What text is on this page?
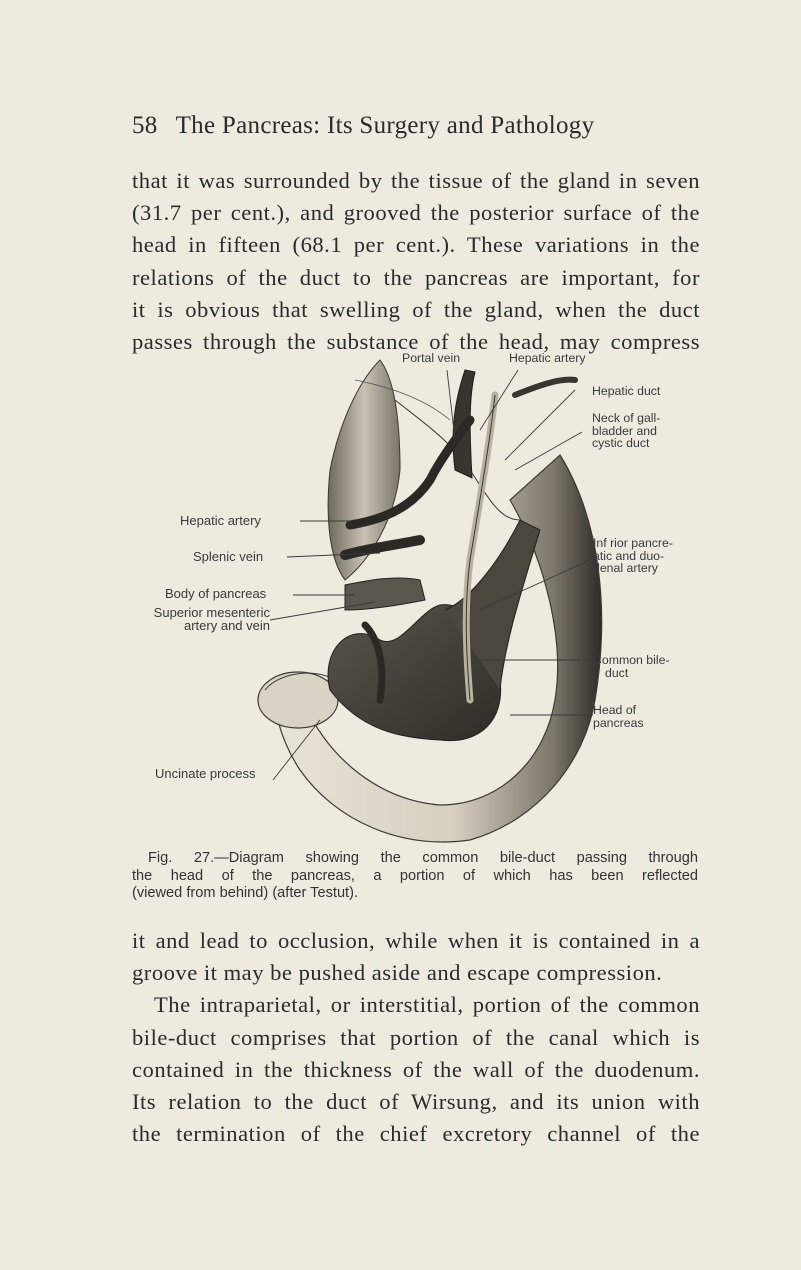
58 The Pancreas: Its Surgery and Pathology
that it was surrounded by the tissue of the gland in seven
(31.7 per cent.), and grooved the posterior surface of the
head in fifteen (68.1 per cent.). These variations in the
relations of the duct to the pancreas are important, for
it is obvious that swelling of the gland, when the duct
passes through the substance of the head, may compress
Portal vein	Hepatic artery
Hepatic duct
Neck of gall-
bladder and
cystic duct
Hepatic artery
Splenic vein
Body of pancreas
Superior mesenteric
artery and vein
Inf rior pancre-
atic and duo-
denal artery
Common bile-
duct
Head of
pancreas
Uncinate process
Fig. 27.—Diagram showing the common bile-duct passing through
the head of the pancreas, a portion of which has been reflected
(viewed from behind) (after Testut).
it and lead to occlusion, while when it is contained in a
groove it may be pushed aside and escape compression.
The intraparietal, or interstitial, portion of the common
bile-duct comprises that portion of the canal which is
contained in the thickness of the wall of the duodenum.
Its relation to the duct of Wirsung, and its union with
the termination of the chief excretory channel of the
